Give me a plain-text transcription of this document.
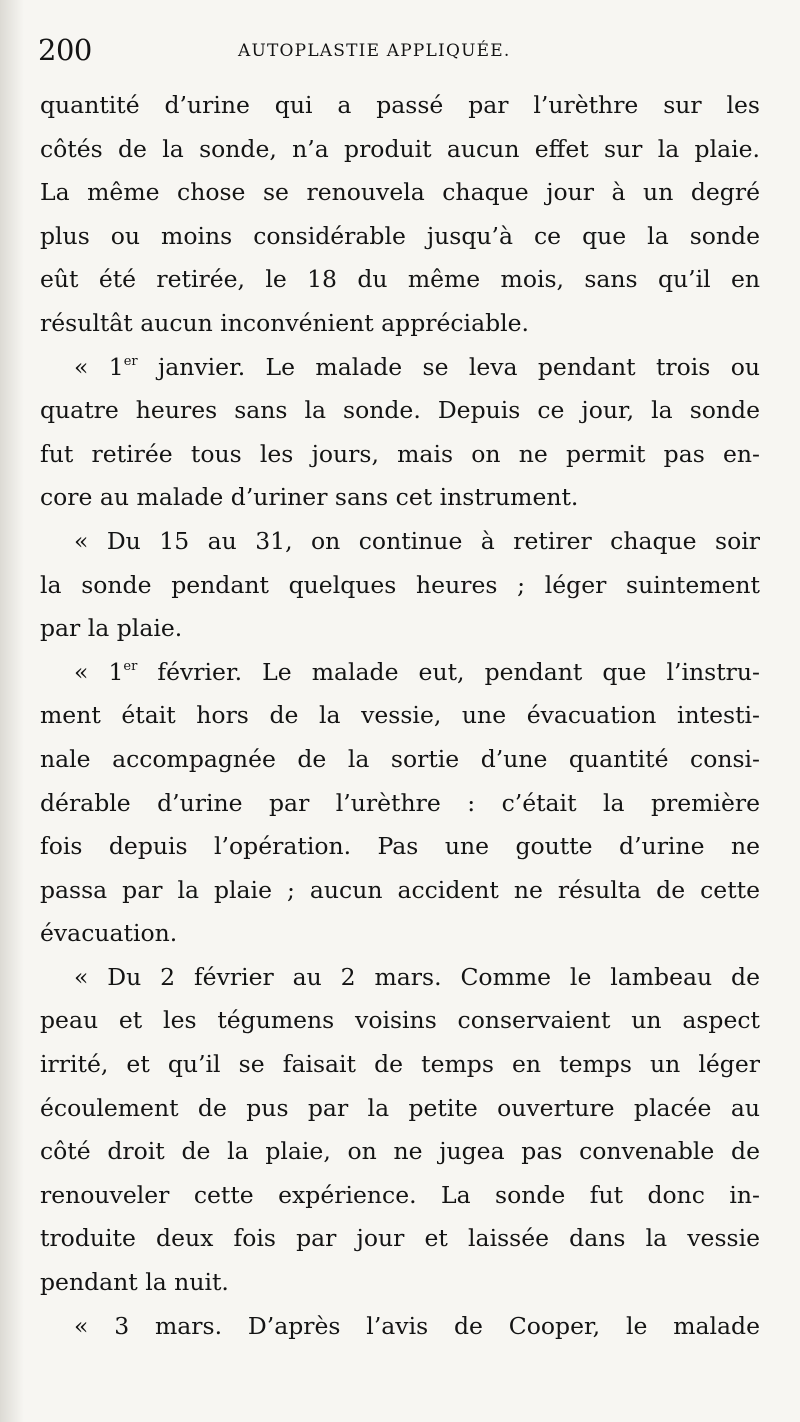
200	AUTOPLASTIE APPLIQUÉE.
quantité d’urine qui a passé par l’urèthre sur les
côtés de la sonde, n’a produit aucun effet sur la plaie.
La même chose se renouvela chaque jour à un degré
plus ou moins considérable jusqu’à ce que la sonde
eût été retirée, le 18 du même mois, sans qu’il en
résultât aucun inconvénient appréciable.
« 1er janvier. Le malade se leva pendant trois ou
quatre heures sans la sonde. Depuis ce jour, la sonde
fut retirée tous les jours, mais on ne permit pas en-
core au malade d’uriner sans cet instrument.
« Du 15 au 31, on continue à retirer chaque soir
la sonde pendant quelques heures ; léger suintement
par la plaie.
« 1er février. Le malade eut, pendant que l’instru-
ment était hors de la vessie, une évacuation intesti-
nale accompagnée de la sortie d’une quantité consi-
dérable d’urine par l’urèthre : c’était la première
fois depuis l’opération. Pas une goutte d’urine ne
passa par la plaie ; aucun accident ne résulta de cette
évacuation.
« Du 2 février au 2 mars. Comme le lambeau de
peau et les tégumens voisins conservaient un aspect
irrité, et qu’il se faisait de temps en temps un léger
écoulement de pus par la petite ouverture placée au
côté droit de la plaie, on ne jugea pas convenable de
renouveler cette expérience. La sonde fut donc in-
troduite deux fois par jour et laissée dans la vessie
pendant la nuit.
« 3 mars. D’après l’avis de Cooper, le malade
